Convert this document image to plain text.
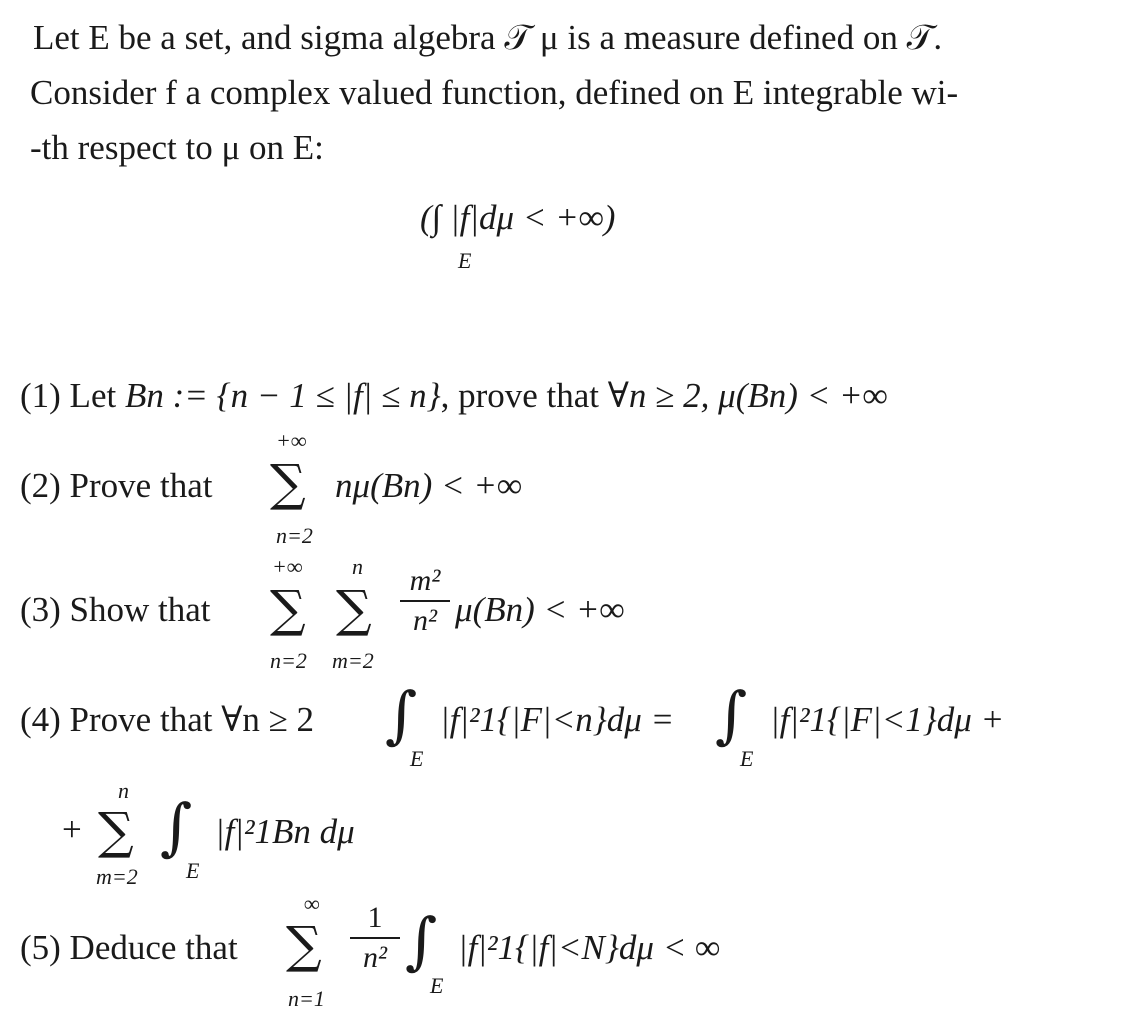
Let E be a set, and sigma algebra 𝒯 μ is a measure defined on 𝒯.
Consider f a complex valued function, defined on E integrable wi-
-th respect to μ on E:
(∫ |f|dμ < +∞)
E
(1) Let Bn := {n − 1 ≤ |f| ≤ n}, prove that ∀n ≥ 2, μ(Bn) < +∞
(2) Prove that
+∞
∑
n=2
nμ(Bn) < +∞
(3) Show that
+∞
∑
n=2
n
∑
m=2
m²
n² μ(Bn) < +∞
(4) Prove that ∀n ≥ 2 ∫
E
|f|²1{|F|<n}dμ = ∫
E
|f|²1{|F|<1}dμ +
+
n
∑
m=2
∫
E
|f|²1Bn dμ
(5) Deduce that
∞
∑
n=1
1
n² ∫
E
|f|²1{|f|<N}dμ < ∞
